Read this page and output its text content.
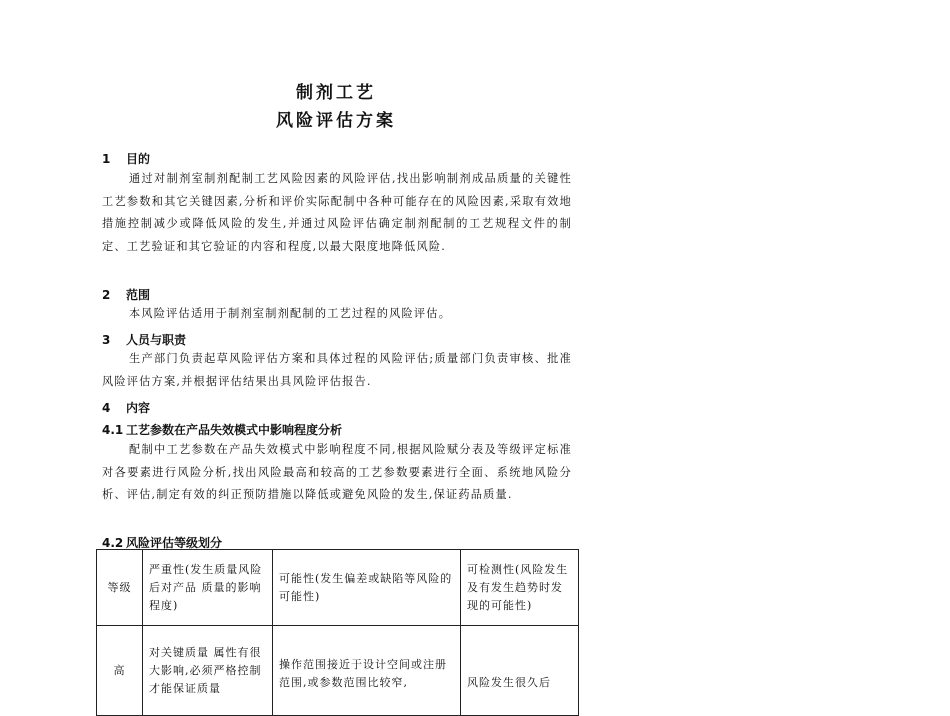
制剂工艺
风险评估方案
1 目的

通过对制剂室制剂配制工艺风险因素的风险评估,找出影响制剂成品质量的关键性工艺参数和其它关键因素,分析和评价实际配制中各种可能存在的风险因素,采取有效地措施控制减少或降低风险的发生,并通过风险评估确定制剂配制的工艺规程文件的制定、工艺验证和其它验证的内容和程度,以最大限度地降低风险.

2 范围

本风险评估适用于制剂室制剂配制的工艺过程的风险评估。

3 人员与职责

生产部门负责起草风险评估方案和具体过程的风险评估;质量部门负责审核、批准风险评估方案,并根据评估结果出具风险评估报告.

4 内容
4.1 工艺参数在产品失效模式中影响程度分析

配制中工艺参数在产品失效模式中影响程度不同,根据风险赋分表及等级评定标准对各要素进行风险分析,找出风险最高和较高的工艺参数要素进行全面、系统地风险分析、评估,制定有效的纠正预防措施以降低或避免风险的发生,保证药品质量.

4.2 风险评估等级划分
等级	严重性(发生质量风险后对产品 质量的影响程度)	可能性(发生偏差或缺陷等风险的可能性)	可检测性(风险发生及有发生趋势时发现的可能性)
高	对关键质量 属性有很大影响,必须严格控制才能保证质量	操作范围接近于设计空间或注册范围,或参数范围比较窄,	风险发生很久后
